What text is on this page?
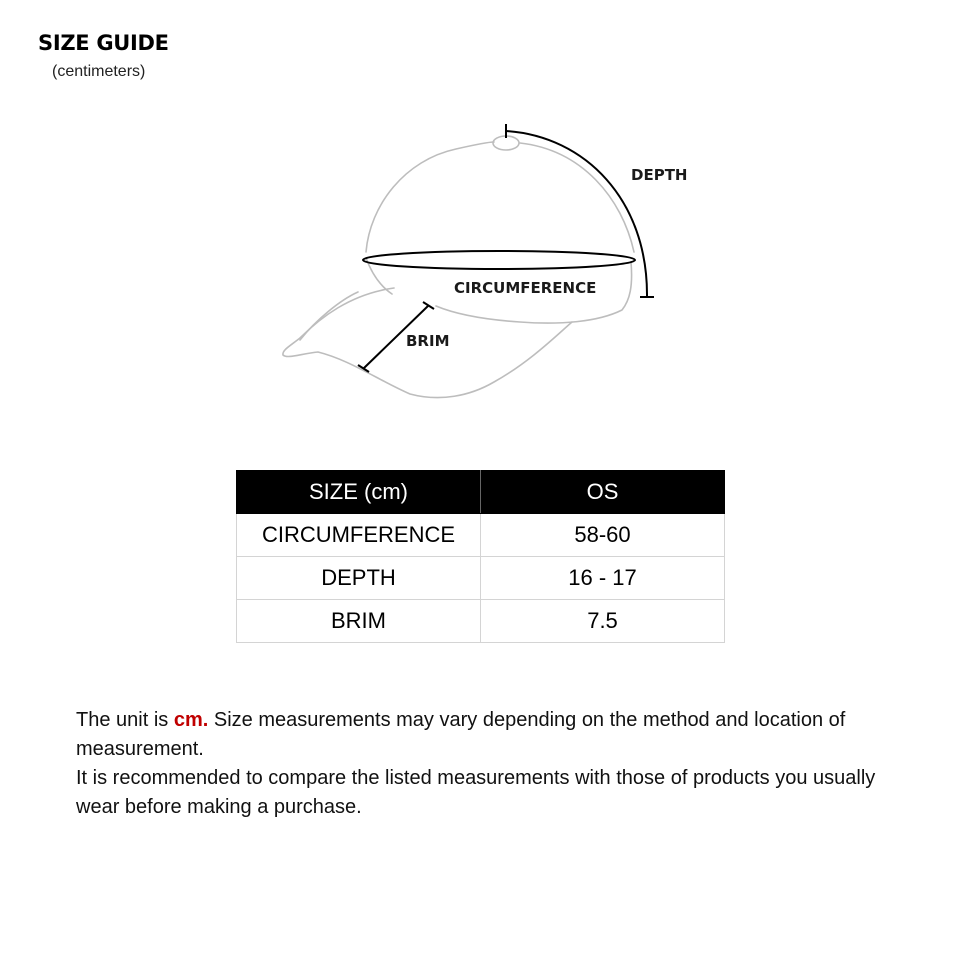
SIZE GUIDE
(centimeters)
DEPTH
CIRCUMFERENCE
BRIM
SIZE (cm)	OS
CIRCUMFERENCE	58-60
DEPTH	16 - 17
BRIM	7.5
The unit is cm. Size measurements may vary depending on the method and location of measurement.
It is recommended to compare the listed measurements with those of products you usually wear before making a purchase.
